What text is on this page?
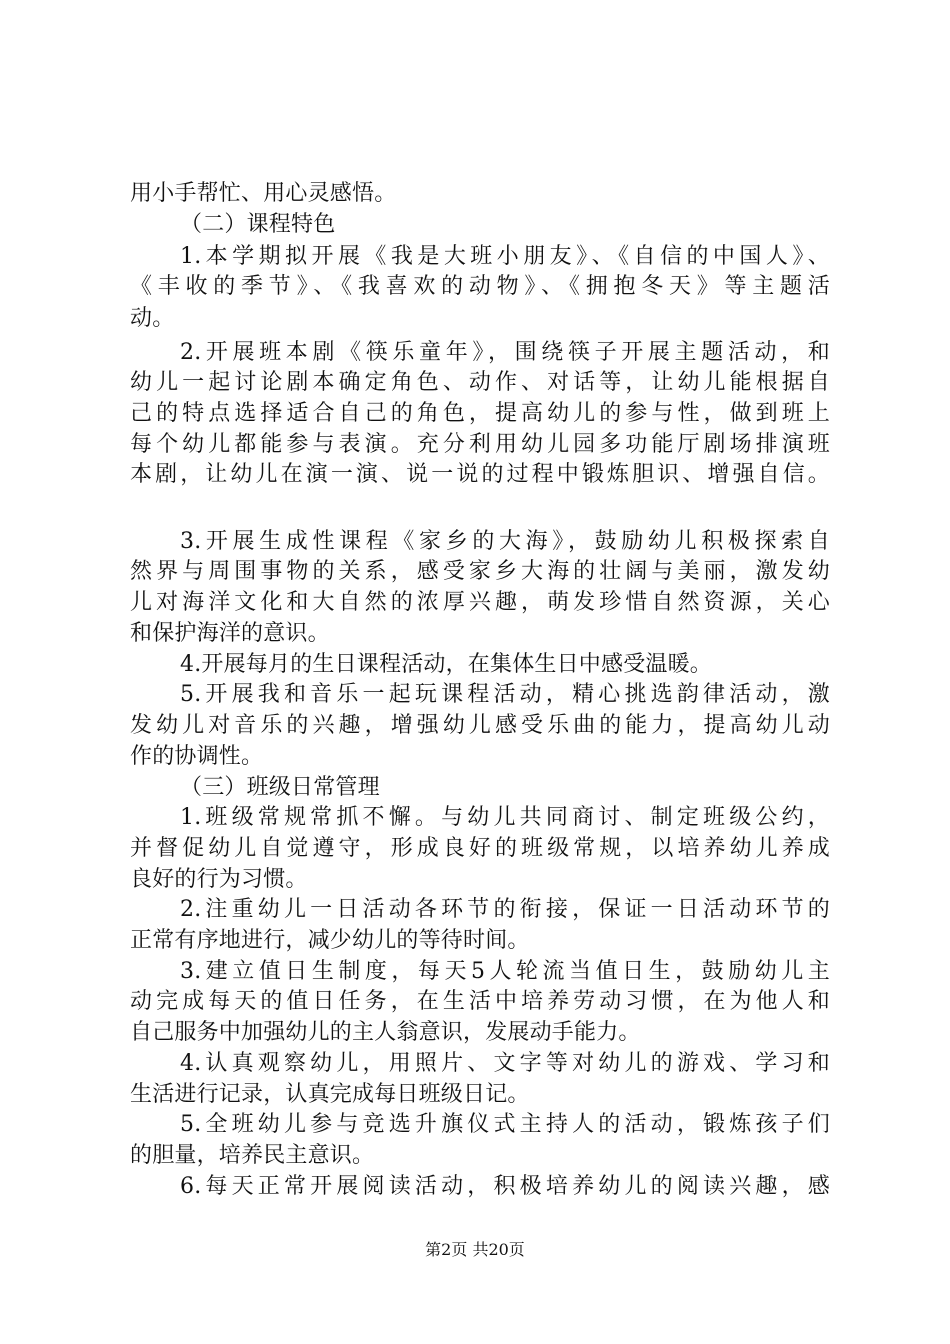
用小手帮忙、用心灵感悟。
（二）课程特色
1.本学期拟开展《我是大班小朋友》、《自信的中国人》、
《丰收的季节》、《我喜欢的动物》、《拥抱冬天》等主题活
动。
2.开展班本剧《筷乐童年》，围绕筷子开展主题活动，和
幼儿一起讨论剧本确定角色、动作、对话等，让幼儿能根据自
己的特点选择适合自己的角色，提高幼儿的参与性，做到班上
每个幼儿都能参与表演。充分利用幼儿园多功能厅剧场排演班
本剧，让幼儿在演一演、说一说的过程中锻炼胆识、增强自信。
3.开展生成性课程《家乡的大海》，鼓励幼儿积极探索自
然界与周围事物的关系，感受家乡大海的壮阔与美丽，激发幼
儿对海洋文化和大自然的浓厚兴趣，萌发珍惜自然资源，关心
和保护海洋的意识。
4.开展每月的生日课程活动，在集体生日中感受温暖。
5.开展我和音乐一起玩课程活动，精心挑选韵律活动，激
发幼儿对音乐的兴趣，增强幼儿感受乐曲的能力，提高幼儿动
作的协调性。
（三）班级日常管理
1.班级常规常抓不懈。与幼儿共同商讨、制定班级公约，
并督促幼儿自觉遵守，形成良好的班级常规，以培养幼儿养成
良好的行为习惯。
2.注重幼儿一日活动各环节的衔接，保证一日活动环节的
正常有序地进行，减少幼儿的等待时间。
3.建立值日生制度，每天5人轮流当值日生，鼓励幼儿主
动完成每天的值日任务，在生活中培养劳动习惯，在为他人和
自己服务中加强幼儿的主人翁意识，发展动手能力。
4.认真观察幼儿，用照片、文字等对幼儿的游戏、学习和
生活进行记录，认真完成每日班级日记。
5.全班幼儿参与竞选升旗仪式主持人的活动，锻炼孩子们
的胆量，培养民主意识。
6.每天正常开展阅读活动，积极培养幼儿的阅读兴趣，感
第2页 共20页
